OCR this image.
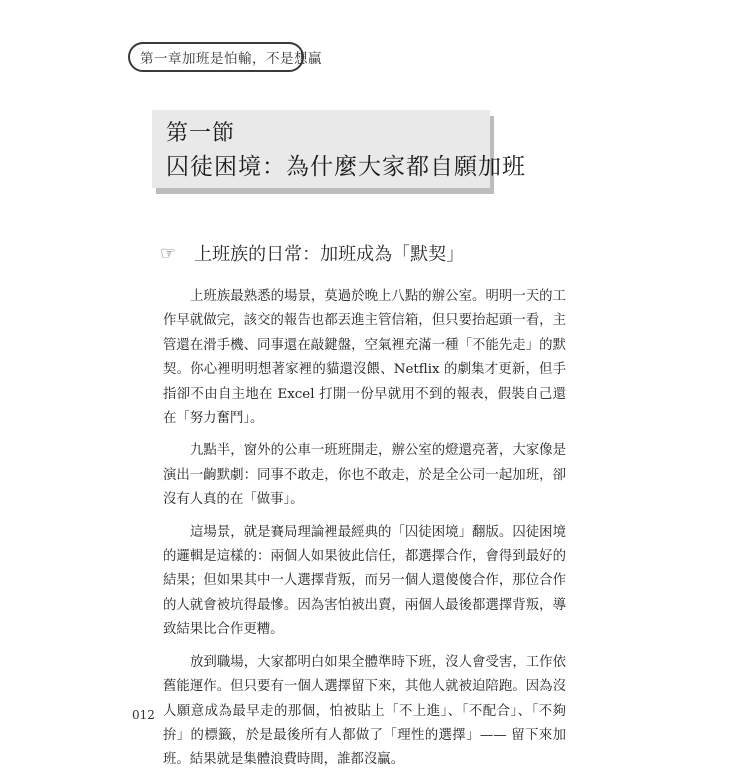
第一章 加班是怕輸，不是想贏
第一節
囚徒困境：為什麼大家都自願加班
☞ 上班族的日常：加班成為「默契」

上班族最熟悉的場景，莫過於晚上八點的辦公室。明明一天的工作早就做完，該交的報告也都丟進主管信箱，但只要抬起頭一看，主管還在滑手機、同事還在敲鍵盤，空氣裡充滿一種「不能先走」的默契。你心裡明明想著家裡的貓還沒餵、Netflix 的劇集才更新，但手指卻不由自主地在 Excel 打開一份早就用不到的報表，假裝自己還在「努力奮鬥」。

九點半，窗外的公車一班班開走，辦公室的燈還亮著，大家像是演出一齣默劇：同事不敢走，你也不敢走，於是全公司一起加班，卻沒有人真的在「做事」。

這場景，就是賽局理論裡最經典的「囚徒困境」翻版。囚徒困境的邏輯是這樣的：兩個人如果彼此信任，都選擇合作，會得到最好的結果；但如果其中一人選擇背叛，而另一個人還傻傻合作，那位合作的人就會被坑得最慘。因為害怕被出賣，兩個人最後都選擇背叛，導致結果比合作更糟。

放到職場，大家都明白如果全體準時下班，沒人會受害，工作依舊能運作。但只要有一個人選擇留下來，其他人就被迫陪跑。因為沒人願意成為最早走的那個，怕被貼上「不上進」、「不配合」、「不夠拚」的標籤，於是最後所有人都做了「理性的選擇」—— 留下來加班。結果就是集體浪費時間，誰都沒贏。

012
